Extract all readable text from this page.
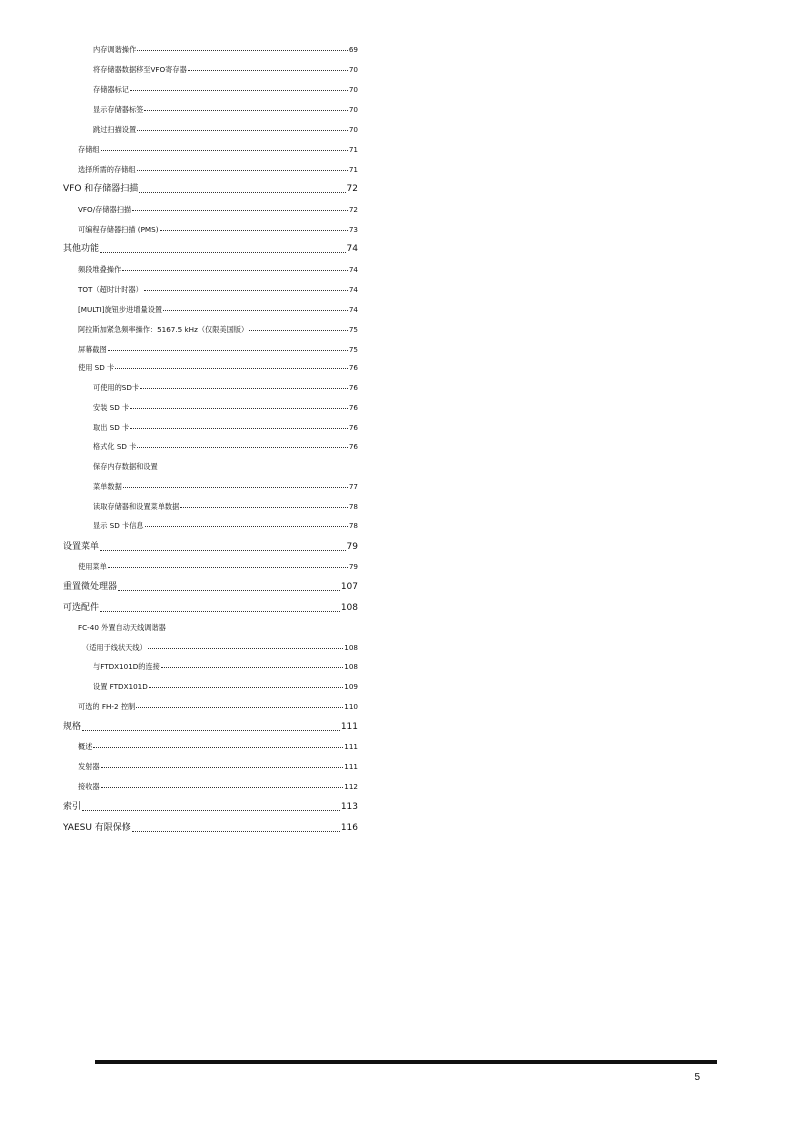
内存调谐操作	69
将存储器数据移至VFO寄存器	70
存储器标记	70
显示存储器标签	70
跳过扫描设置	70
存储组	71
选择所需的存储组	71
VFO 和存储器扫描	72
VFO/存储器扫描	72
可编程存储器扫描 (PMS)	73
其他功能	74
频段堆叠操作	74
TOT（超时计时器）	74
[MULTI]旋钮步进增量设置	74
阿拉斯加紧急频率操作：5167.5 kHz（仅限美国版）	75
屏幕截图	75
使用 SD 卡	76
可使用的SD卡	76
安装 SD 卡	76
取出 SD 卡	76
格式化 SD 卡	76
保存内存数据和设置
菜单数据	77
读取存储器和设置菜单数据	78
显示 SD 卡信息	78
设置菜单	79
使用菜单	79
重置微处理器	107
可选配件	108
FC-40 外置自动天线调谐器
（适用于线状天线）	108
与FTDX101D的连接	108
设置 FTDX101D	109
可选的 FH-2 控制	110
规格	111
概述	111
发射器	111
接收器	112
索引	113
YAESU 有限保修	116
5
